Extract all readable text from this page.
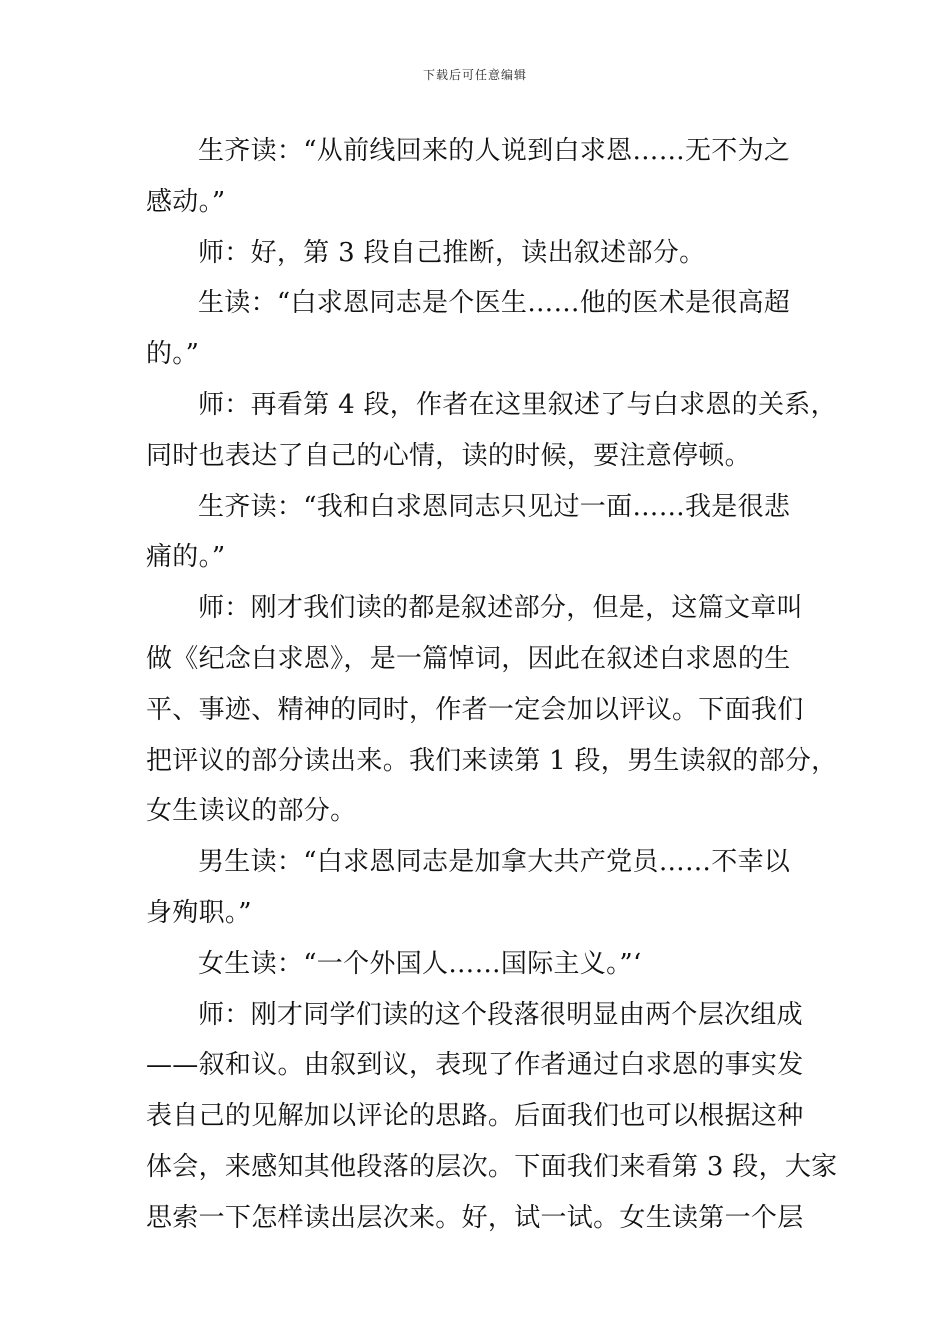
下载后可任意编辑
生齐读：“从前线回来的人说到白求恩……无不为之
感动。”
师：好，第 3 段自己推断，读出叙述部分。
生读：“白求恩同志是个医生……他的医术是很高超
的。”
师：再看第 4 段，作者在这里叙述了与白求恩的关系，
同时也表达了自己的心情，读的时候，要注意停顿。
生齐读：“我和白求恩同志只见过一面……我是很悲
痛的。”
师：刚才我们读的都是叙述部分，但是，这篇文章叫
做《纪念白求恩》，是一篇悼词，因此在叙述白求恩的生
平、事迹、精神的同时，作者一定会加以评议。下面我们
把评议的部分读出来。我们来读第 1 段，男生读叙的部分，
女生读议的部分。
男生读：“白求恩同志是加拿大共产党员……不幸以
身殉职。”
女生读：“一个外国人……国际主义。”‘
师：刚才同学们读的这个段落很明显由两个层次组成
——叙和议。由叙到议，表现了作者通过白求恩的事实发
表自己的见解加以评论的思路。后面我们也可以根据这种
体会，来感知其他段落的层次。下面我们来看第 3 段，大家
思索一下怎样读出层次来。好，试一试。女生读第一个层
